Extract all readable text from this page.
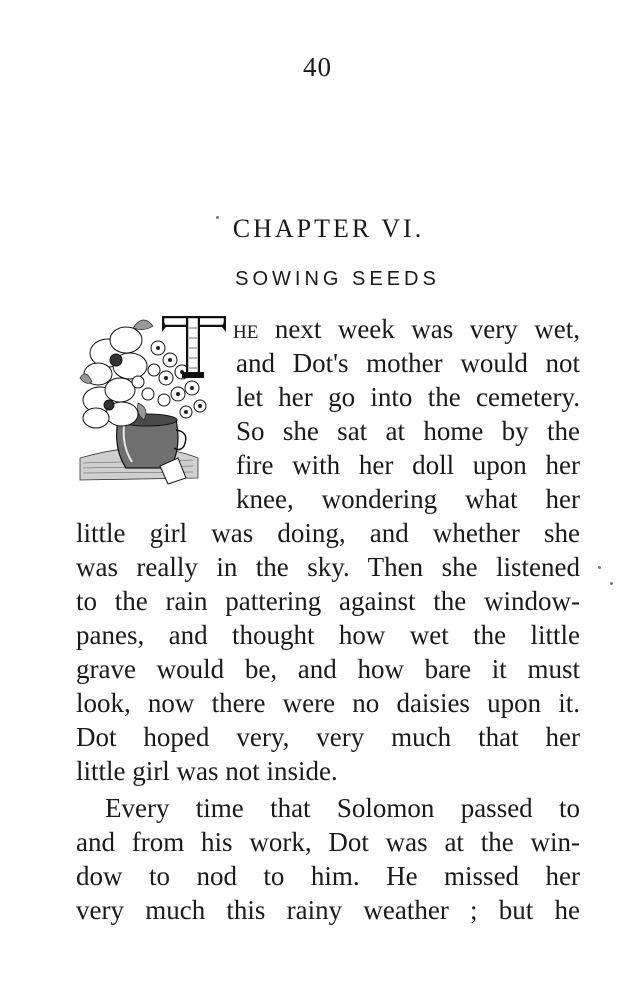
40
CHAPTER VI.
SOWING SEEDS
he next week was very wet,
and Dot's mother would not
let her go into the cemetery.
So she sat at home by the
fire with her doll upon her
knee, wondering what her
little girl was doing, and whether she
was really in the sky. Then she listened
to the rain pattering against the window-
panes, and thought how wet the little
grave would be, and how bare it must
look, now there were no daisies upon it.
Dot hoped very, very much that her
little girl was not inside.
Every time that Solomon passed to
and from his work, Dot was at the win-
dow to nod to him. He missed her
very much this rainy weather ; but he
